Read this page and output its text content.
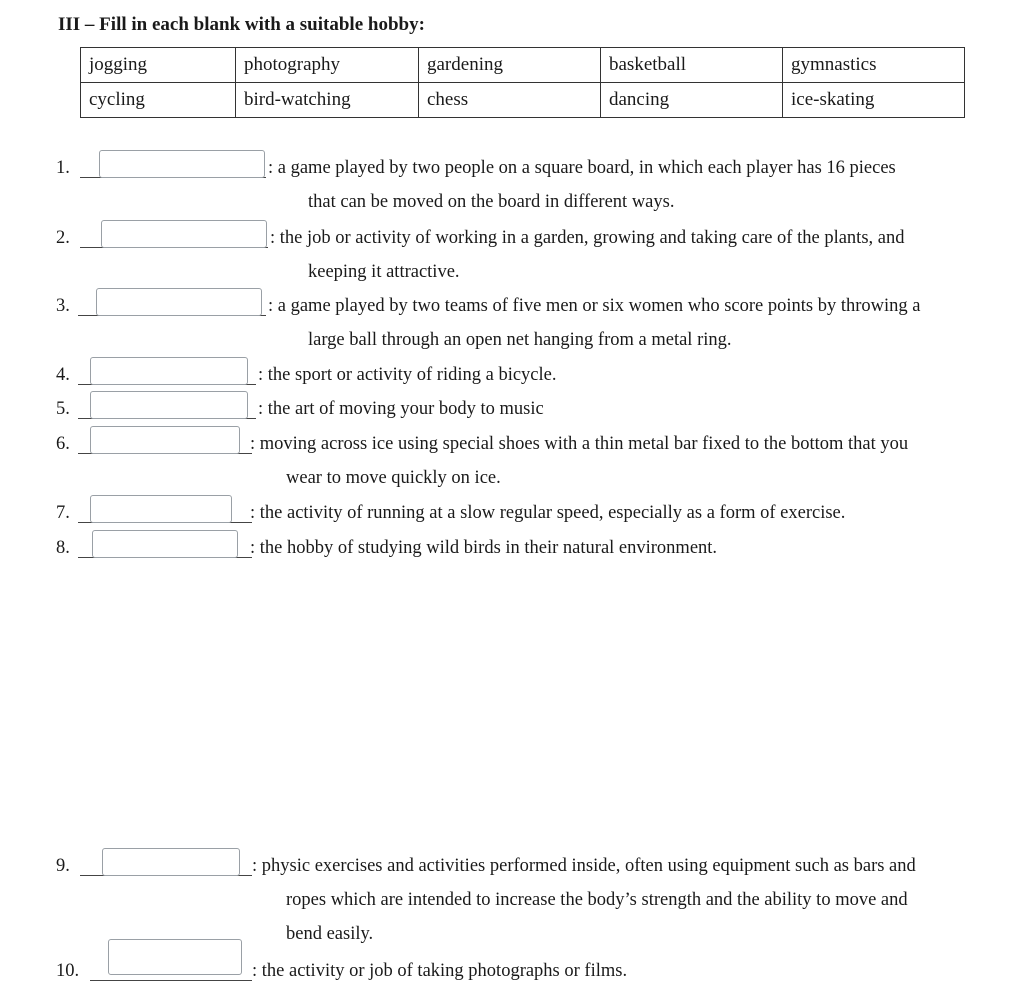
III – Fill in each blank with a suitable hobby:
jogging	photography	gardening	basketball	gymnastics
cycling	bird-watching	chess	dancing	ice-skating
1.	: a game played by two people on a square board, in which each player has 16 pieces
that can be moved on the board in different ways.
2.	: the job or activity of working in a garden, growing and taking care of the plants, and
keeping it attractive.
3.	: a game played by two teams of five men or six women who score points by throwing a
large ball through an open net hanging from a metal ring.
4.	: the sport or activity of riding a bicycle.
5.	: the art of moving your body to music
6.	: moving across ice using special shoes with a thin metal bar fixed to the bottom that you
wear to move quickly on ice.
7.	: the activity of running at a slow regular speed, especially as a form of exercise.
8.	: the hobby of studying wild birds in their natural environment.
9.	: physic exercises and activities performed inside, often using equipment such as bars and
ropes which are intended to increase the body’s strength and the ability to move and
bend easily.
10.	: the activity or job of taking photographs or films.
